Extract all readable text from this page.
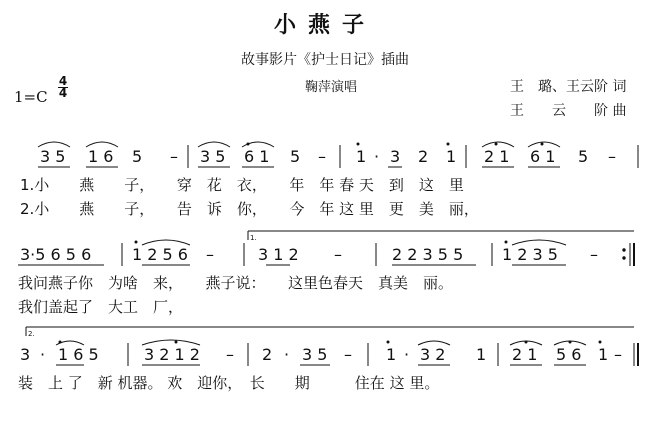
小燕子
故事影片《护士日记》插曲
鞠萍演唱	王　璐、王云阶 词
王　　云　　阶 曲
1=C
4
4
3 5 1 6 5 – 3 5 6 1 5 – 1 · 3 2 1 2 1 6 1 5 –
1.小　　燕　　子，　　穿　花　衣，　　年　年 春 天　到　这　里
2.小　　燕　　子，　　告　诉　你，　　今　年 这 里　更　美　丽，
1.
3·5 6 5 6	1 2 5 6 –	3 1 2 –	2 2 3 5 5 1 2 3 5 –
我问燕子你　为啥　来，　　燕子说：　　这里色春天　真美　丽。
我们盖起了　大工　厂，
2.
3 · 1 6 5	3 2 1 2 – 2 · 3 5 – 1 · 3 2 1 2 1 5 6 1 –
装　上 了　新 机器。 欢　迎你，　长　　期　　　住在 这 里。
